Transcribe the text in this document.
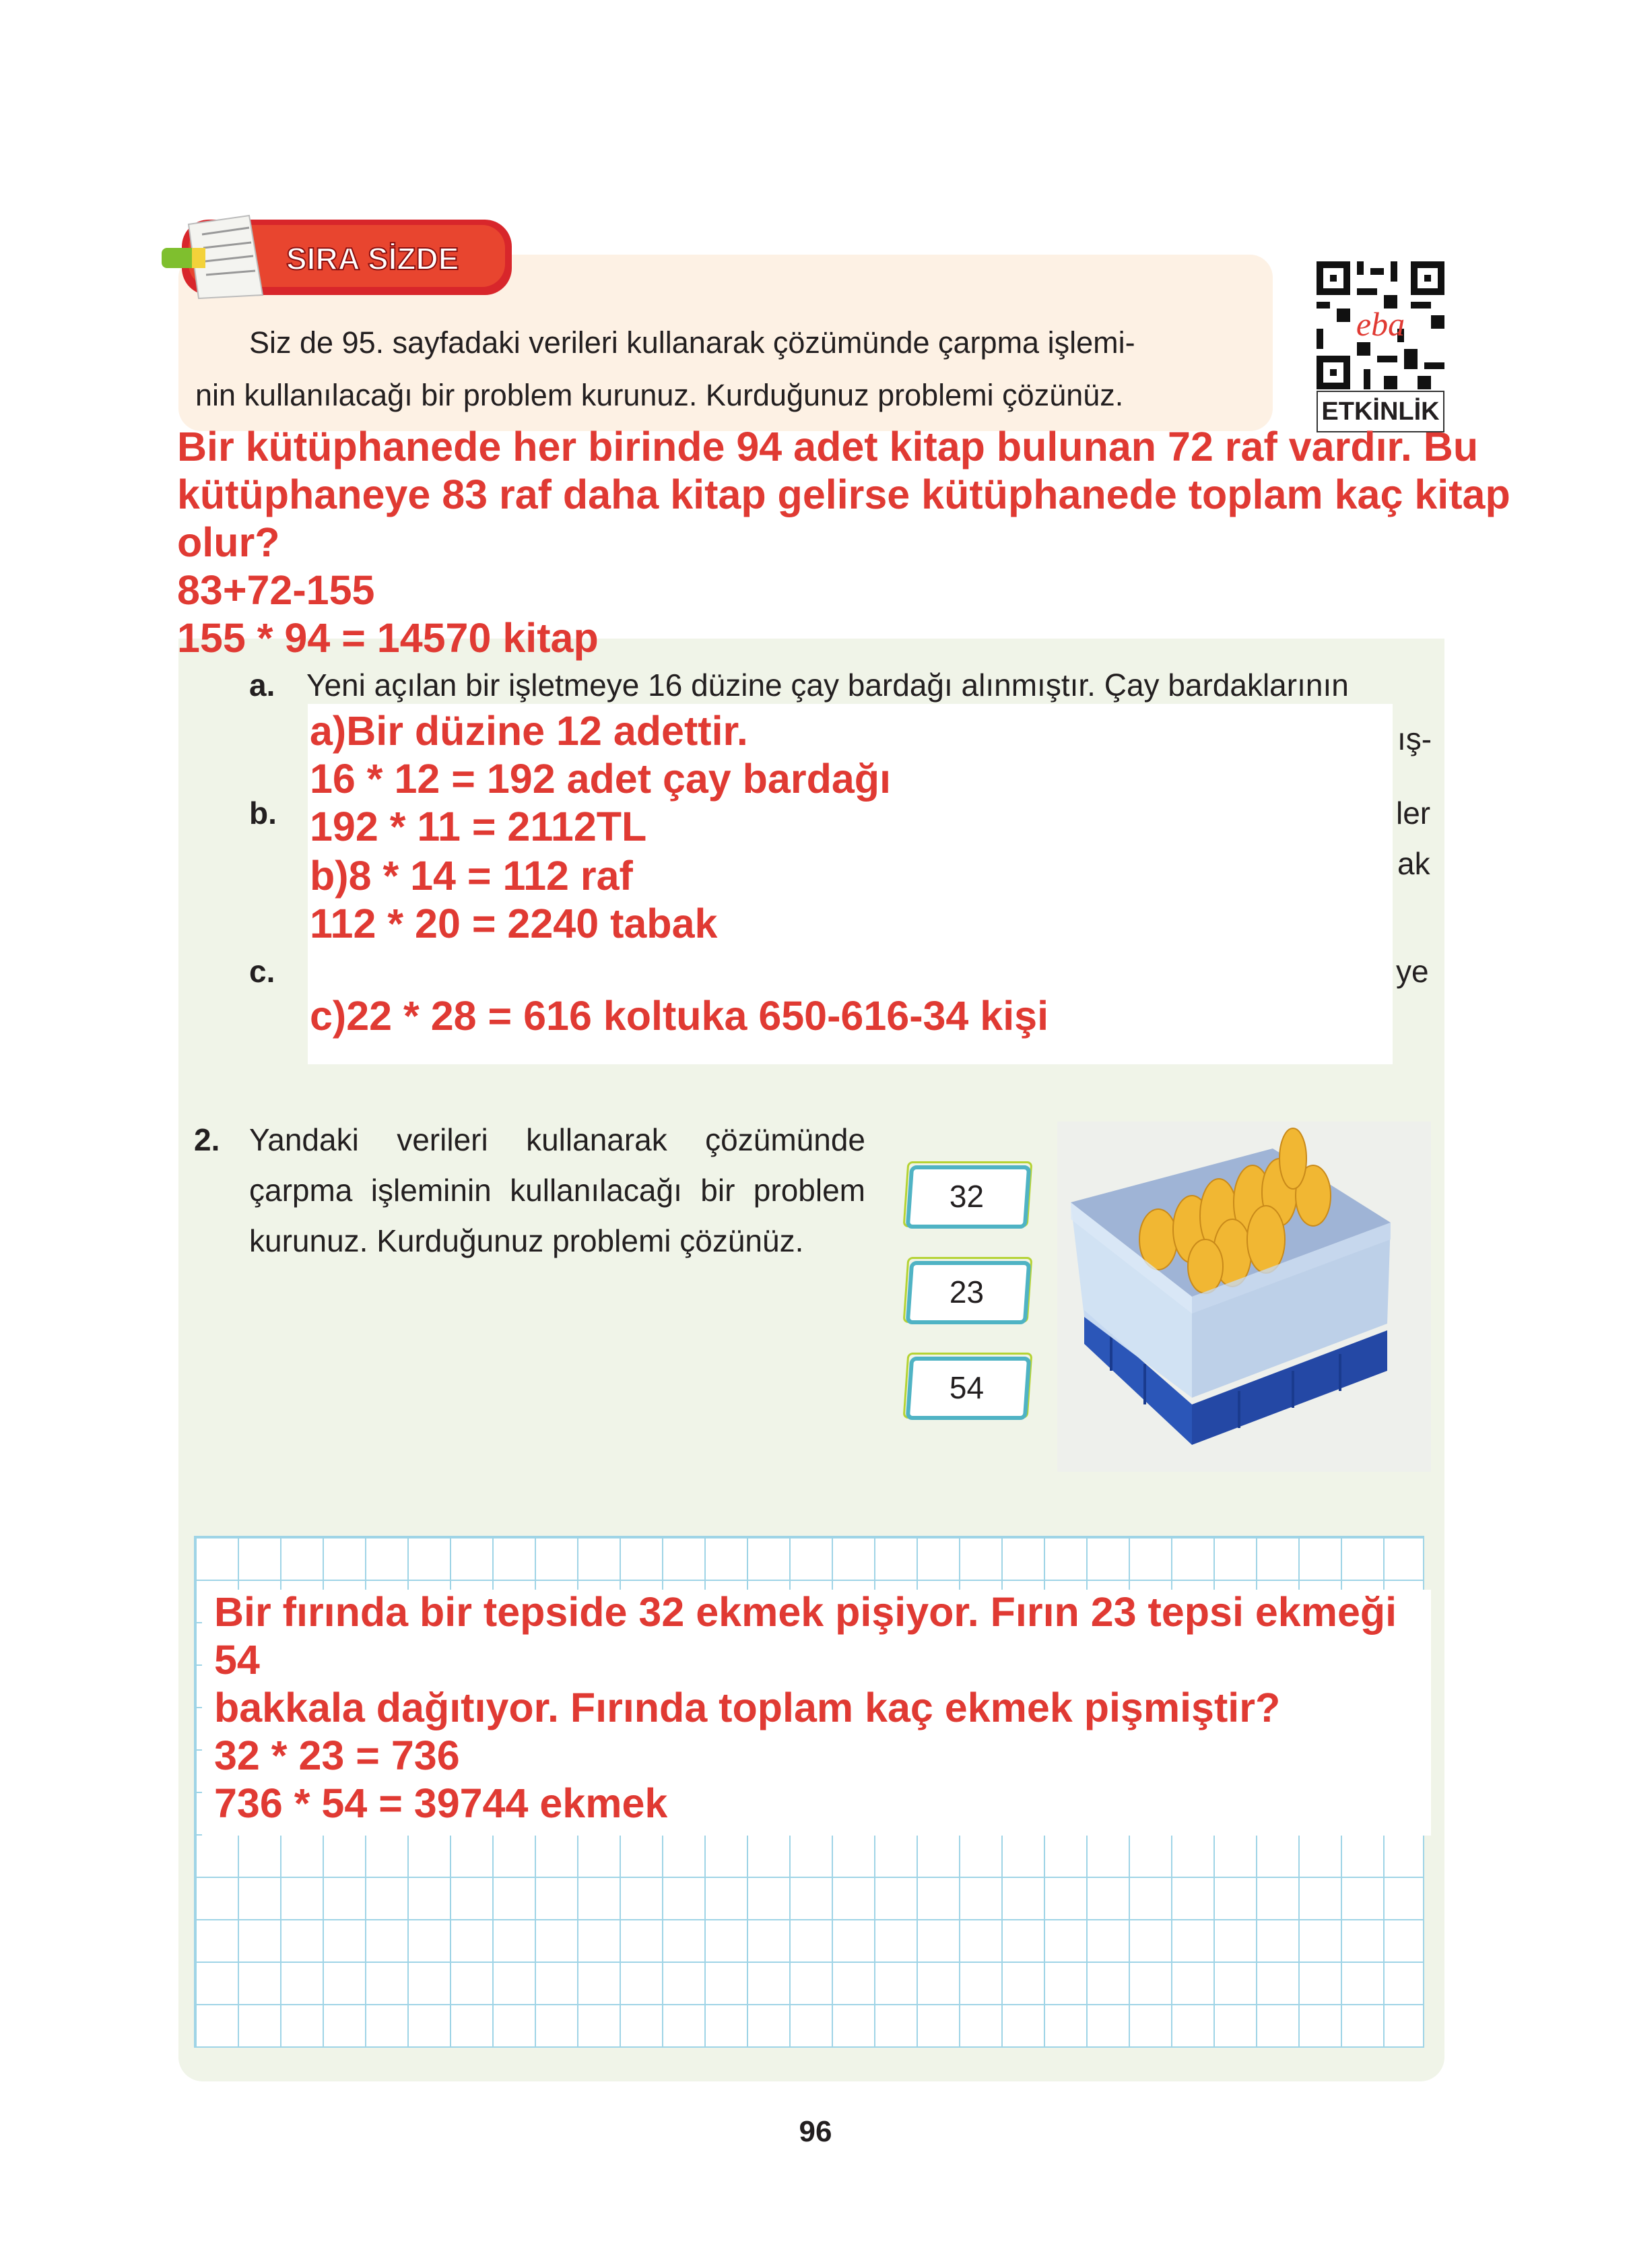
SIRA SİZDE
Siz de 95. sayfadaki verileri kullanarak çözümünde çarpma işlemi-
nin kullanılacağı bir problem kurunuz. Kurduğunuz problemi çözünüz.
eba
ETKİNLİK
Bir kütüphanede her birinde 94 adet kitap bulunan 72 raf vardır. Bu
kütüphaneye 83 raf daha kitap gelirse kütüphanede toplam kaç kitap
olur?
83+72-155
155 * 94 = 14570 kitap
a. Yeni açılan bir işletmeye 16 düzine çay bardağı alınmıştır. Çay bardaklarının
ış-
b.	ler
ak
c.	ye
a)Bir düzine 12 adettir.
16 * 12 = 192 adet çay bardağı
192 * 11 = 2112TL
b)8 * 14 = 112 raf
112 * 20 = 2240 tabak
c)22 * 28 = 616 koltuka 650-616-34 kişi
2. Yandaki verileri kullanarak çözümünde çarpma işleminin kullanılacağı bir problem kurunuz. Kurduğunuz problemi çözünüz.
32
23
54
Bir fırında bir tepside 32 ekmek pişiyor. Fırın 23 tepsi ekmeği
54
bakkala dağıtıyor. Fırında toplam kaç ekmek pişmiştir?
32 * 23 = 736
736 * 54 = 39744 ekmek
96
